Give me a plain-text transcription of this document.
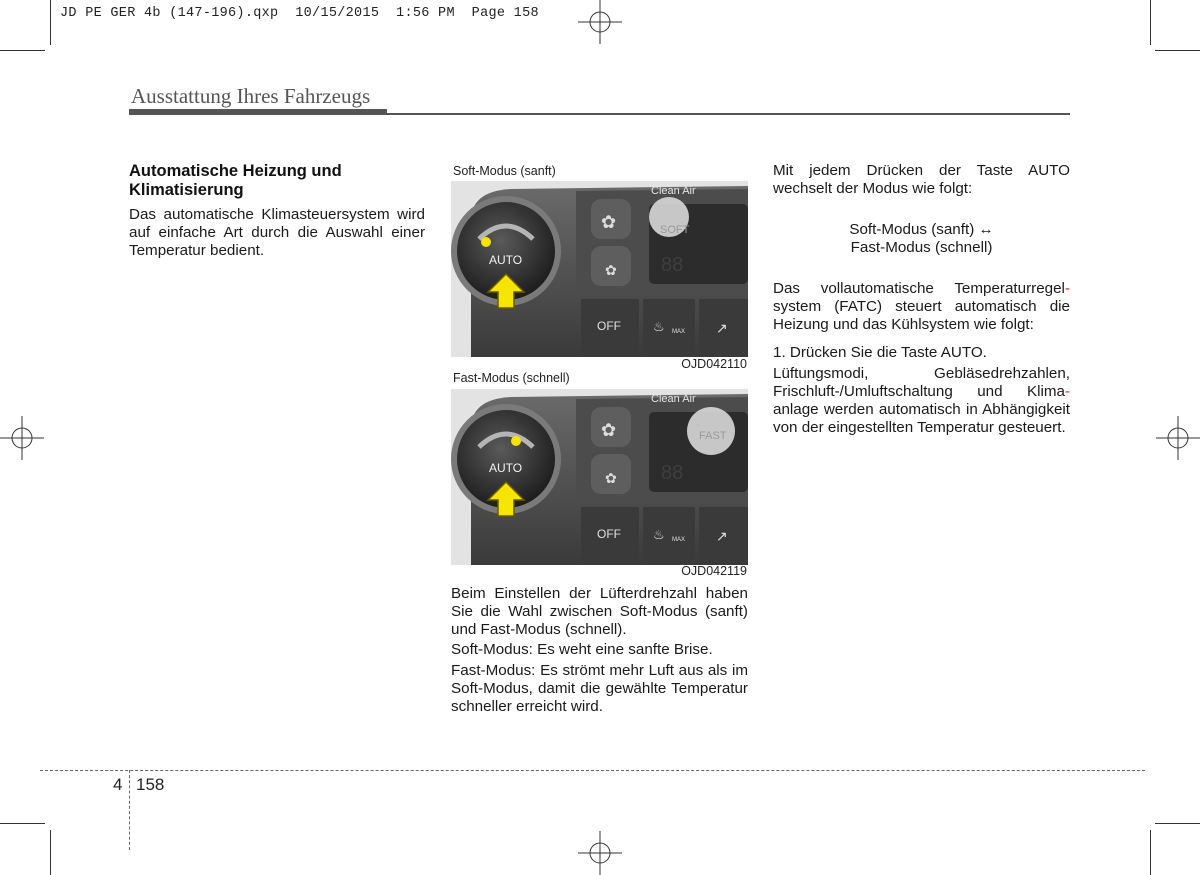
JD PE GER 4b (147-196).qxp  10/15/2015  1:56 PM  Page 158
Ausstattung Ihres Fahrzeugs
Automatische Heizung und Klimatisierung
Das automatische Klimasteuersystem wird auf einfache Art durch die Auswahl einer Temperatur bedient.
Soft-Modus (sanft)
SOFT
88
✿
✿
Clean Air
OFF ♨ MAX ↗
AUTO
OJD042110
Fast-Modus (schnell)
FAST
88
✿
✿
Clean Air
OFF ♨ MAX ↗
AUTO
OJD042119
Beim Einstellen der Lüfterdrehzahl haben Sie die Wahl zwischen Soft-Modus (sanft) und Fast-Modus (schnell).
Soft-Modus: Es weht eine sanfte Brise.
Fast-Modus: Es strömt mehr Luft aus als im Soft-Modus, damit die gewählte Temperatur schneller erreicht wird.
Mit jedem Drücken der Taste AUTO wechselt der Modus wie folgt:
Soft-Modus (sanft) ↔
Fast-Modus (schnell)
Das vollautomatische Temperaturregel- system (FATC) steuert automatisch die Heizung und das Kühlsystem wie folgt:
1. Drücken Sie die Taste AUTO.
Lüftungsmodi, Gebläsedrehzahlen, Frischluft-/Umluftschaltung und Klima- anlage werden automatisch in Abhängigkeit von der eingestellten Temperatur gesteuert.
4 158
